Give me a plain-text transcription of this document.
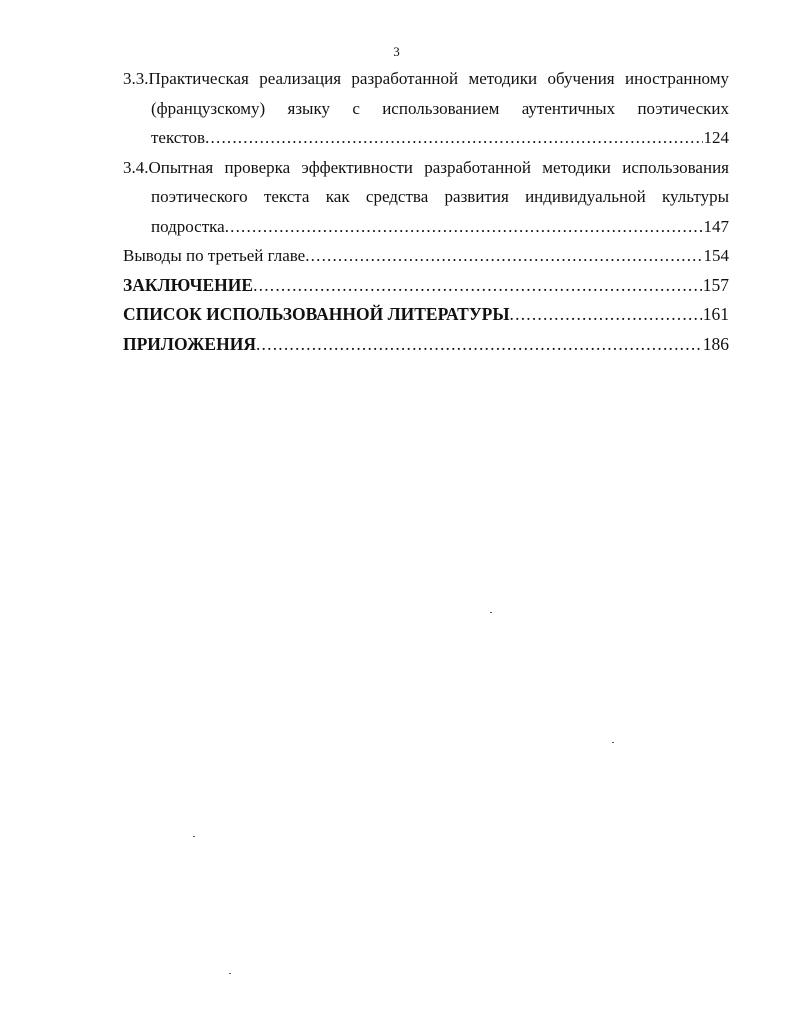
3
3.3.Практическая реализация разработанной методики обучения иностранному
(французскому) языку с использованием аутентичных поэтических
текстов .....	124
3.4.Опытная проверка эффективности разработанной методики использования
поэтического текста как средства развития индивидуальной культуры
подростка .....	147
Выводы по третьей главе .....	154
ЗАКЛЮЧЕНИЕ .....	157
СПИСОК ИСПОЛЬЗОВАННОЙ ЛИТЕРАТУРЫ .....	161
ПРИЛОЖЕНИЯ .....	186
